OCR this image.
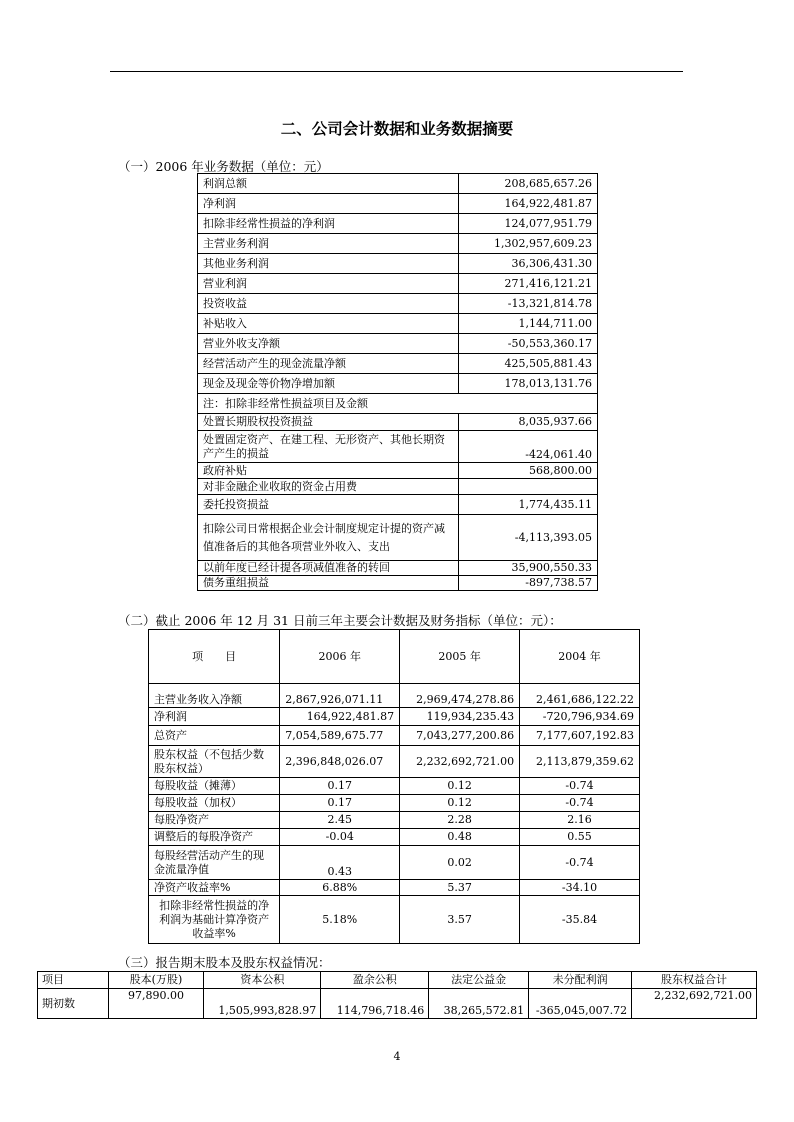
二、公司会计数据和业务数据摘要
（一）2006 年业务数据（单位：元）
利润总额	208,685,657.26
净利润	164,922,481.87
扣除非经常性损益的净利润	124,077,951.79
主营业务利润	1,302,957,609.23
其他业务利润	36,306,431.30
营业利润	271,416,121.21
投资收益	-13,321,814.78
补贴收入	1,144,711.00
营业外收支净额	-50,553,360.17
经营活动产生的现金流量净额	425,505,881.43
现金及现金等价物净增加额	178,013,131.76
注：扣除非经常性损益项目及金额	
处置长期股权投资损益	8,035,937.66
处置固定资产、在建工程、无形资产、其他长期资产产生的损益	-424,061.40
政府补贴	568,800.00
对非金融企业收取的资金占用费	
委托投资损益	1,774,435.11
扣除公司日常根据企业会计制度规定计提的资产减值准备后的其他各项营业外收入、支出	-4,113,393.05
以前年度已经计提各项减值准备的转回	35,900,550.33
债务重组损益	-897,738.57
（二）截止 2006 年 12 月 31 日前三年主要会计数据及财务指标（单位：元）：
项　　目	2006 年	2005 年	2004 年
主营业务收入净额	2,867,926,071.11	2,969,474,278.86	2,461,686,122.22
净利润	164,922,481.87	119,934,235.43	-720,796,934.69
总资产	7,054,589,675.77	7,043,277,200.86	7,177,607,192.83
股东权益（不包括少数股东权益）	2,396,848,026.07	2,232,692,721.00	2,113,879,359.62
每股收益（摊薄）	0.17	0.12	-0.74
每股收益（加权）	0.17	0.12	-0.74
每股净资产	2.45	2.28	2.16
调整后的每股净资产	-0.04	0.48	0.55
每股经营活动产生的现金流量净值	0.43	0.02	-0.74
净资产收益率%	6.88%	5.37	-34.10
扣除非经常性损益的净利润为基础计算净资产收益率%	5.18%	3.57	-35.84
（三）报告期末股本及股东权益情况：
项目	股本(万股)	资本公积	盈余公积	法定公益金	未分配利润	股东权益合计
期初数	97,890.00	1,505,993,828.97	114,796,718.46	38,265,572.81	-365,045,007.72	2,232,692,721.00
4
